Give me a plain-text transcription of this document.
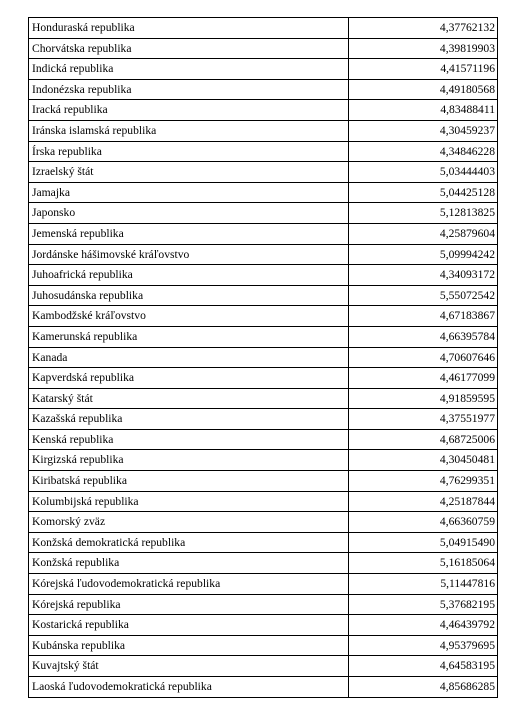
Honduraská republika	4,37762132
Chorvátska republika	4,39819903
Indická republika	4,41571196
Indonézska republika	4,49180568
Iracká republika	4,83488411
Iránska islamská republika	4,30459237
Írska republika	4,34846228
Izraelský štát	5,03444403
Jamajka	5,04425128
Japonsko	5,12813825
Jemenská republika	4,25879604
Jordánske hášimovské kráľovstvo	5,09994242
Juhoafrická republika	4,34093172
Juhosudánska republika	5,55072542
Kambodžské kráľovstvo	4,67183867
Kamerunská republika	4,66395784
Kanada	4,70607646
Kapverdská republika	4,46177099
Katarský štát	4,91859595
Kazašská republika	4,37551977
Kenská republika	4,68725006
Kirgizská republika	4,30450481
Kiribatská republika	4,76299351
Kolumbijská republika	4,25187844
Komorský zväz	4,66360759
Konžská demokratická republika	5,04915490
Konžská republika	5,16185064
Kórejská ľudovodemokratická republika	5,11447816
Kórejská republika	5,37682195
Kostarická republika	4,46439792
Kubánska republika	4,95379695
Kuvajtský štát	4,64583195
Laoská ľudovodemokratická republika	4,85686285
